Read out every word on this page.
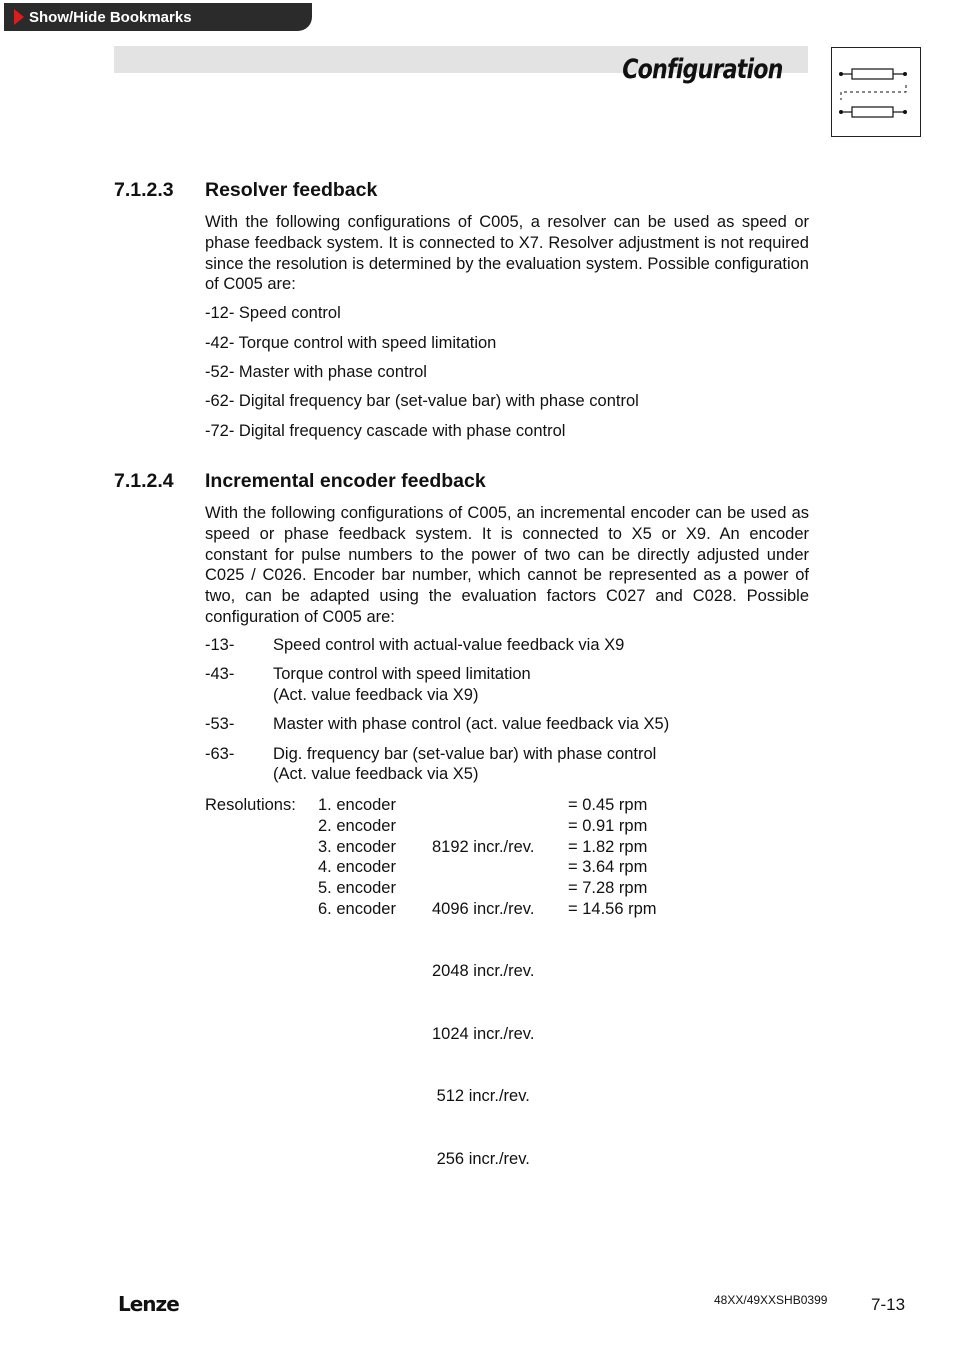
Show/Hide Bookmarks
Configuration
7.1.2.3 Resolver feedback
With the following configurations of C005, a resolver can be used as speed or phase feedback system. It is connected to X7. Resolver adjustment is not required since the resolution is determined by the evaluation system. Possible configuration of C005 are:
-12- Speed control
-42- Torque control with speed limitation
-52- Master with phase control
-62- Digital frequency bar (set-value bar) with phase control
-72- Digital frequency cascade with phase control
7.1.2.4 Incremental encoder feedback
With the following configurations of C005, an incremental encoder can be used as speed or phase feedback system. It is connected to X5 or X9. An encoder constant for pulse numbers to the power of two can be directly adjusted under C025 / C026. Encoder bar number, which cannot be represented as a power of two, can be adapted using the evaluation factors C027 and C028. Possible configuration of C005 are:
-13- Speed control with actual-value feedback via X9
-43- Torque control with speed limitation
(Act. value feedback via X9)
-53- Master with phase control (act. value feedback via X5)
-63- Dig. frequency bar (set-value bar) with phase control
(Act. value feedback via X5)
Resolutions: 1. encoder
2. encoder
3. encoder
4. encoder
5. encoder
6. encoder

8192 incr./rev.

4096 incr./rev.

2048 incr./rev.

1024 incr./rev.

512 incr./rev.

256 incr./rev.

= 0.45 rpm
= 0.91 rpm
= 1.82 rpm
= 3.64 rpm
= 7.28 rpm
= 14.56 rpm
Lenze	48XX/49XXSHB0399	7-13
